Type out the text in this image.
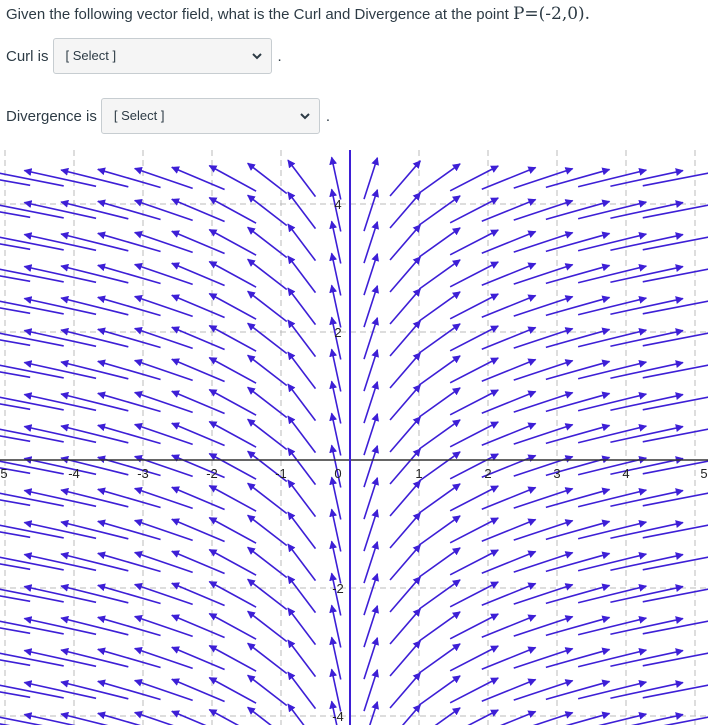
Given the following vector field, what is the Curl and Divergence at the point P=(-2,0).
Curl is	[ Select ]	.
Divergence is	[ Select ]	.
5	-4	-3	-2	-1	0	1	2	3	4	5
4
2
-2
-4
